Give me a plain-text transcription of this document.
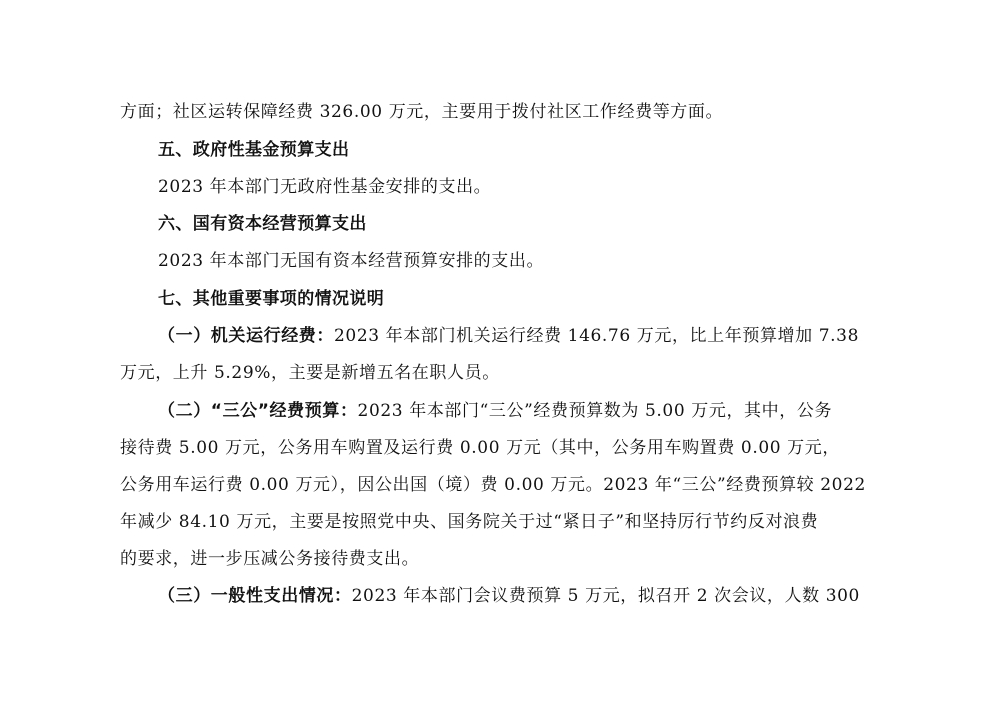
方面；社区运转保障经费 326.00 万元，主要用于拨付社区工作经费等方面。
五、政府性基金预算支出
2023 年本部门无政府性基金安排的支出。
六、国有资本经营预算支出
2023 年本部门无国有资本经营预算安排的支出。
七、其他重要事项的情况说明
（一）机关运行经费：2023 年本部门机关运行经费 146.76 万元，比上年预算增加 7.38
万元，上升 5.29%，主要是新增五名在职人员。
（二）“三公”经费预算：2023 年本部门“三公”经费预算数为 5.00 万元，其中，公务
接待费 5.00 万元，公务用车购置及运行费 0.00 万元（其中，公务用车购置费 0.00 万元，
公务用车运行费 0.00 万元），因公出国（境）费 0.00 万元。2023 年“三公”经费预算较 2022
年减少 84.10 万元，主要是按照党中央、国务院关于过“紧日子”和坚持厉行节约反对浪费
的要求，进一步压减公务接待费支出。
（三）一般性支出情况：2023 年本部门会议费预算 5 万元，拟召开 2 次会议，人数 300
